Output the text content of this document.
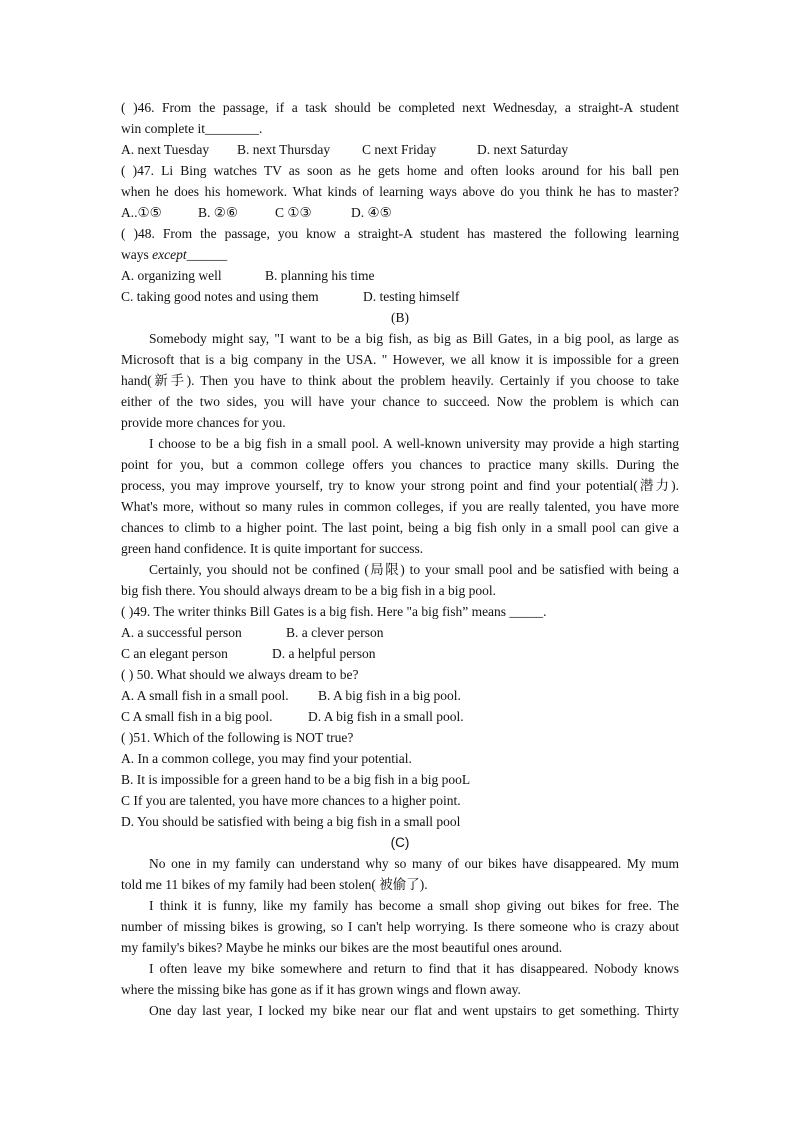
( )46. From the passage, if a task should be completed next Wednesday, a straight-A student
win complete it________.
A. next Tuesday B. next Thursday C next Friday	D. next Saturday
( )47. Li Bing watches TV as soon as he gets home and often looks around for his ball pen
when he does his homework. What kinds of learning ways above do you think he has to master?
A..①⑤	B. ②⑥	C ①③	D. ④⑤
( )48. From the passage, you know a straight-A student has mastered the following learning
ways except______
A. organizing well	B. planning his time
C. taking good notes and using them	D. testing himself
(B)
Somebody might say, "I want to be a big fish, as big as Bill Gates, in a big pool, as large as
Microsoft that is a big company in the USA. " However, we all know it is impossible for a green
hand(新手). Then you have to think about the problem heavily. Certainly if you choose to take
either of the two sides, you will have your chance to succeed. Now the problem is which can
provide more chances for you.
I choose to be a big fish in a small pool. A well-known university may provide a high starting
point for you, but a common college offers you chances to practice many skills. During the
process, you may improve yourself, try to know your strong point and find your potential(潜力).
What's more, without so many rules in common colleges, if you are really talented, you have more
chances to climb to a higher point. The last point, being a big fish only in a small pool can give a
green hand confidence. It is quite important for success.
Certainly, you should not be confined (局限) to your small pool and be satisfied with being a
big fish there. You should always dream to be a big fish in a big pool.
( )49. The writer thinks Bill Gates is a big fish. Here "a big fish” means _____.
A. a successful person	B. a clever person
C an elegant person	D. a helpful person
( ) 50. What should we always dream to be?
A. A small fish in a small pool. B. A big fish in a big pool.
C A small fish in a big pool.	D. A big fish in a small pool.
( )51. Which of the following is NOT true?
A. In a common college, you may find your potential.
B. It is impossible for a green hand to be a big fish in a big pooL
C If you are talented, you have more chances to a higher point.
D. You should be satisfied with being a big fish in a small pool
(C)
No one in my family can understand why so many of our bikes have disappeared. My mum
told me 11 bikes of my family had been stolen( 被偷了).
I think it is funny, like my family has become a small shop giving out bikes for free. The
number of missing bikes is growing, so I can't help worrying. Is there someone who is crazy about
my family's bikes? Maybe he minks our bikes are the most beautiful ones around.
I often leave my bike somewhere and return to find that it has disappeared. Nobody knows
where the missing bike has gone as if it has grown wings and flown away.
One day last year, I locked my bike near our flat and went upstairs to get something. Thirty
